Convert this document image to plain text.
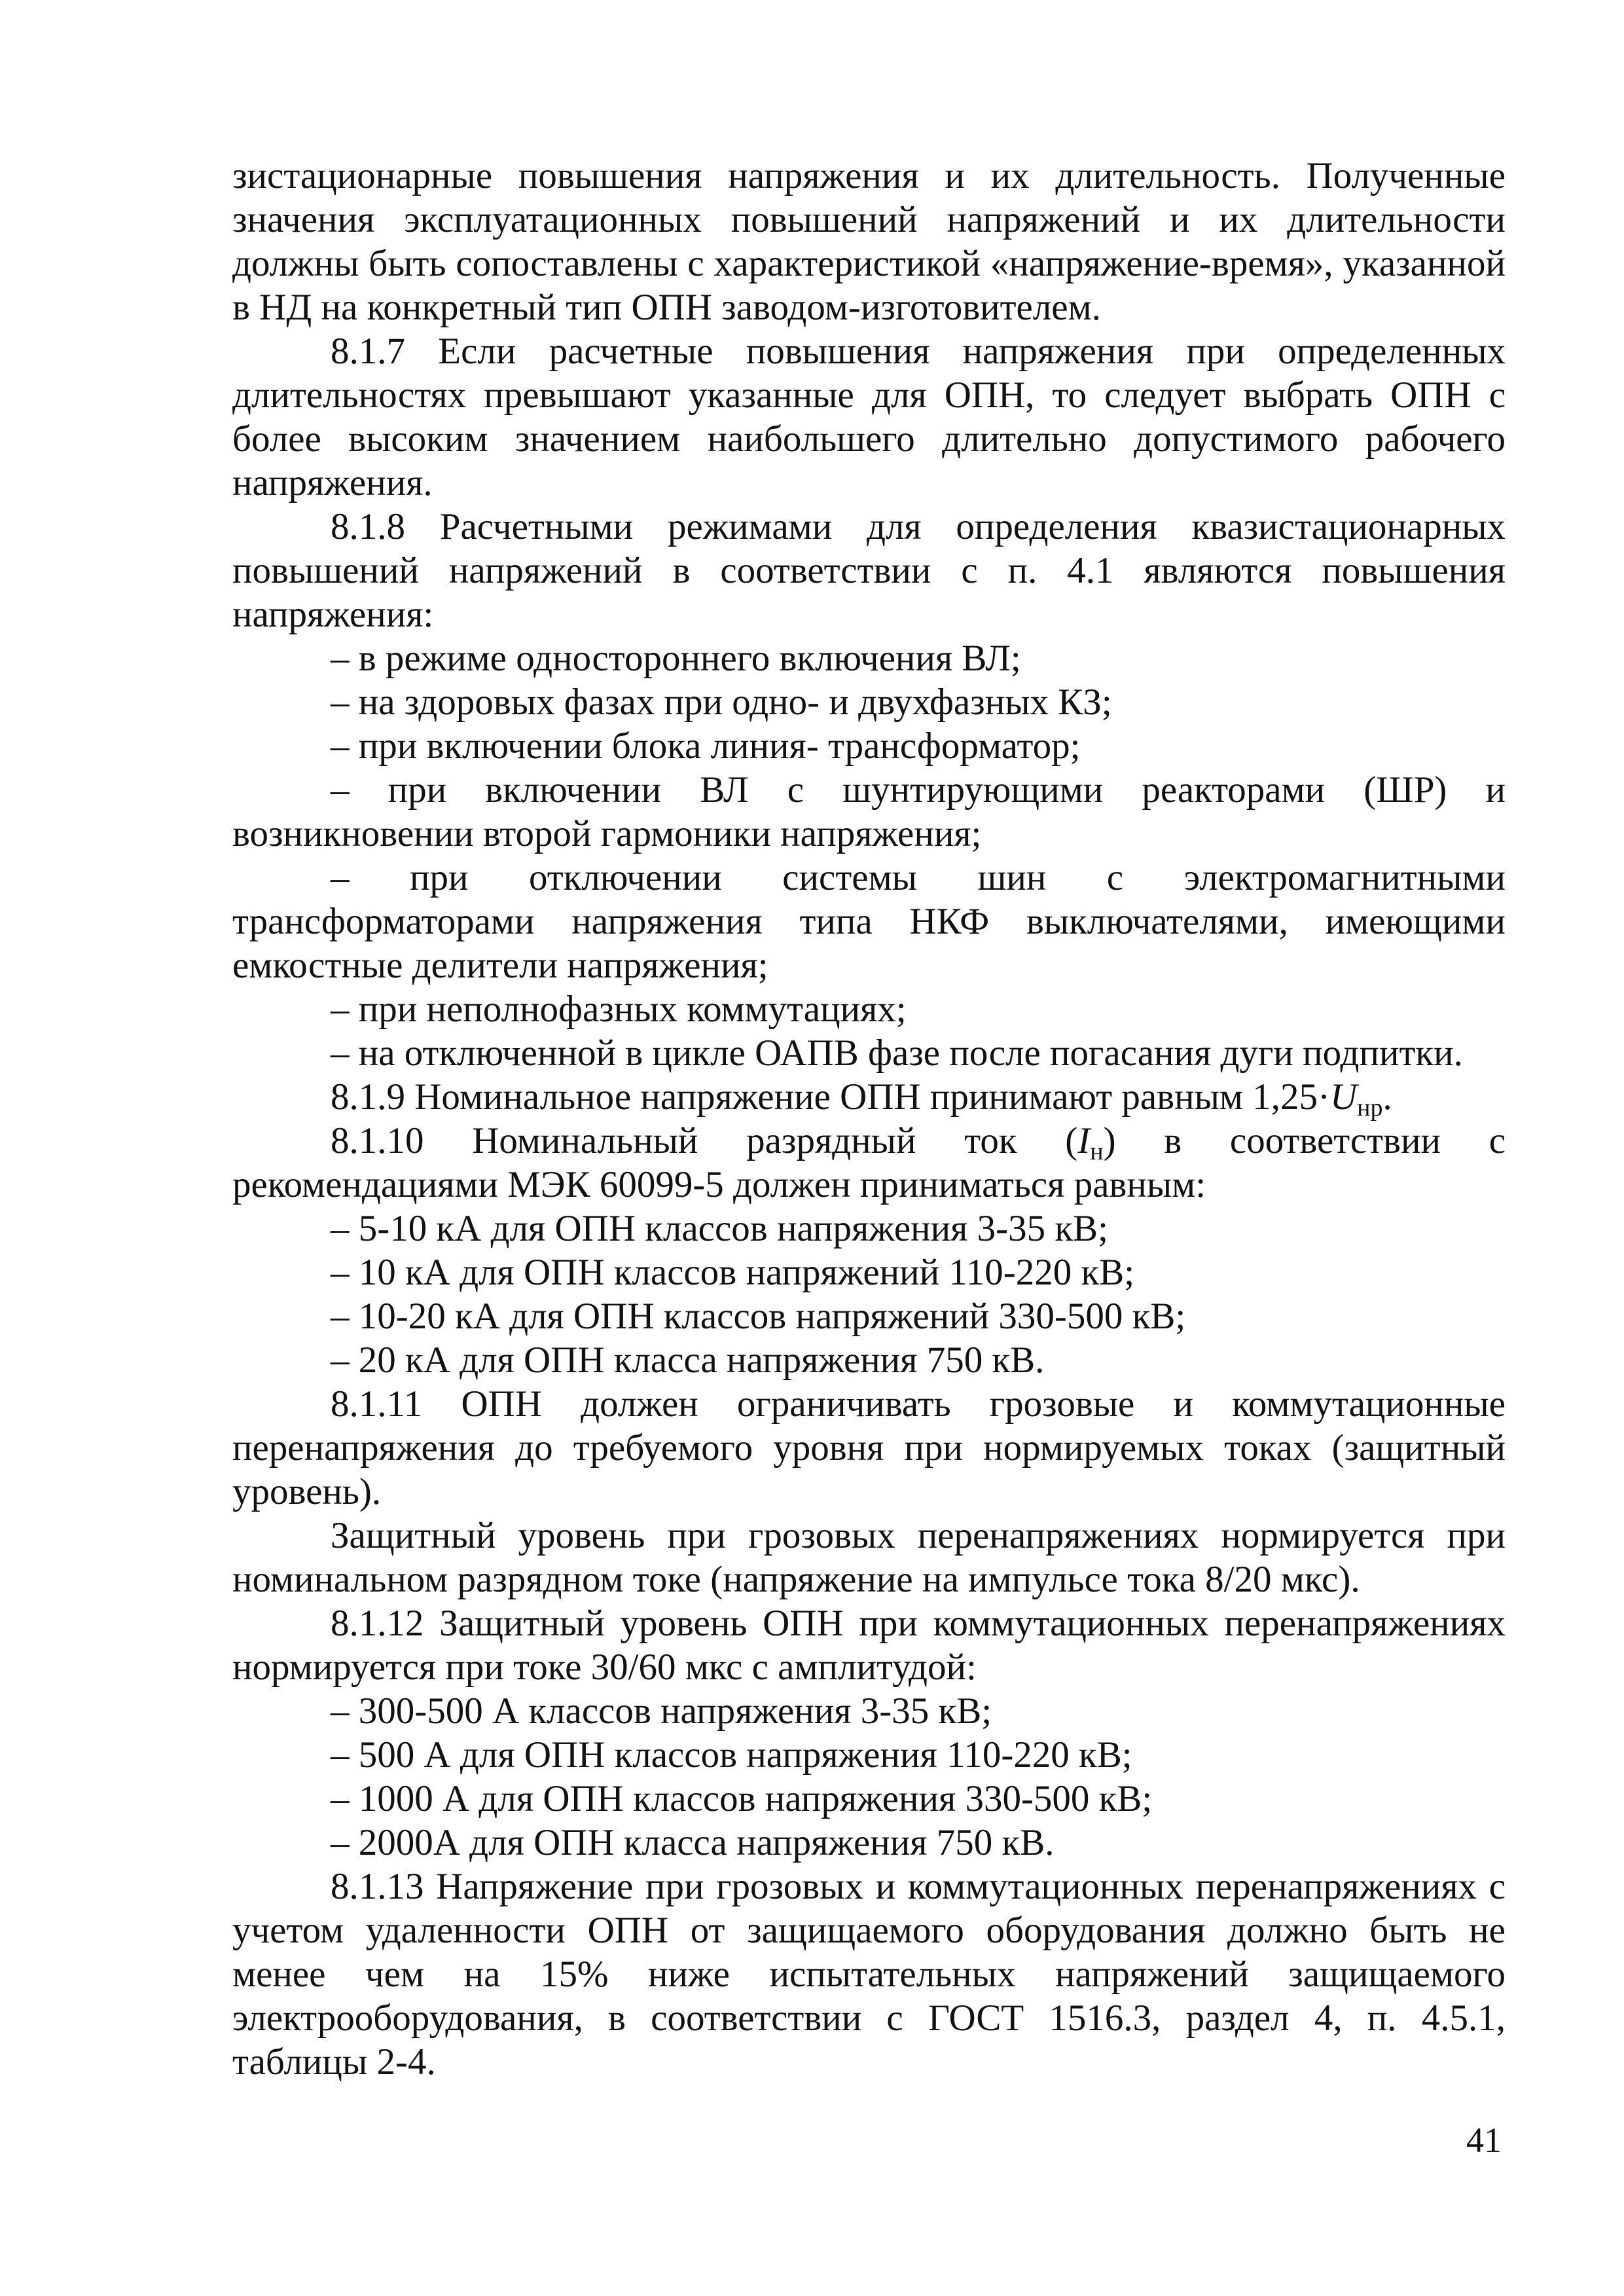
зистационарные повышения напряжения и их длительность. Полученные значения эксплуатационных повышений напряжений и их длительности должны быть сопоставлены с характеристикой «напряжение-время», указанной в НД на конкретный тип ОПН заводом-изготовителем.

8.1.7 Если расчетные повышения напряжения при определенных длительностях превышают указанные для ОПН, то следует выбрать ОПН с более высоким значением наибольшего длительно допустимого рабочего напряжения.

8.1.8 Расчетными режимами для определения квазистационарных повышений напряжений в соответствии с п. 4.1 являются повышения напряжения:

– в режиме одностороннего включения ВЛ;

– на здоровых фазах при одно- и двухфазных КЗ;

– при включении блока линия- трансформатор;

– при включении ВЛ с шунтирующими реакторами (ШР) и возникновении второй гармоники напряжения;

– при отключении системы шин с электромагнитными трансформаторами напряжения типа НКФ выключателями, имеющими емкостные делители напряжения;

– при неполнофазных коммутациях;

– на отключенной в цикле ОАПВ фазе после погасания дуги подпитки.

8.1.9 Номинальное напряжение ОПН принимают равным $1,25\cdot U_{нр}$.

8.1.10 Номинальный разрядный ток $(I_н)$ в соответствии с рекомендациями МЭК 60099-5 должен приниматься равным:

– 5-10 кА для ОПН классов напряжения 3-35 кВ;

– 10 кА для ОПН классов напряжений 110-220 кВ;

– 10-20 кА для ОПН классов напряжений 330-500 кВ;

– 20 кА для ОПН класса напряжения 750 кВ.

8.1.11 ОПН должен ограничивать грозовые и коммутационные перенапряжения до требуемого уровня при нормируемых токах (защитный уровень).

Защитный уровень при грозовых перенапряжениях нормируется при номинальном разрядном токе (напряжение на импульсе тока 8/20 мкс).

8.1.12 Защитный уровень ОПН при коммутационных перенапряжениях нормируется при токе 30/60 мкс с амплитудой:

– 300-500 А классов напряжения 3-35 кВ;

– 500 А для ОПН классов напряжения 110-220 кВ;

– 1000 А для ОПН классов напряжения 330-500 кВ;

– 2000А для ОПН класса напряжения 750 кВ.

8.1.13 Напряжение при грозовых и коммутационных перенапряжениях с учетом удаленности ОПН от защищаемого оборудования должно быть не менее чем на 15% ниже испытательных напряжений защищаемого электрооборудования, в соответствии с ГОСТ 1516.3, раздел 4, п. 4.5.1, таблицы 2-4.

41
